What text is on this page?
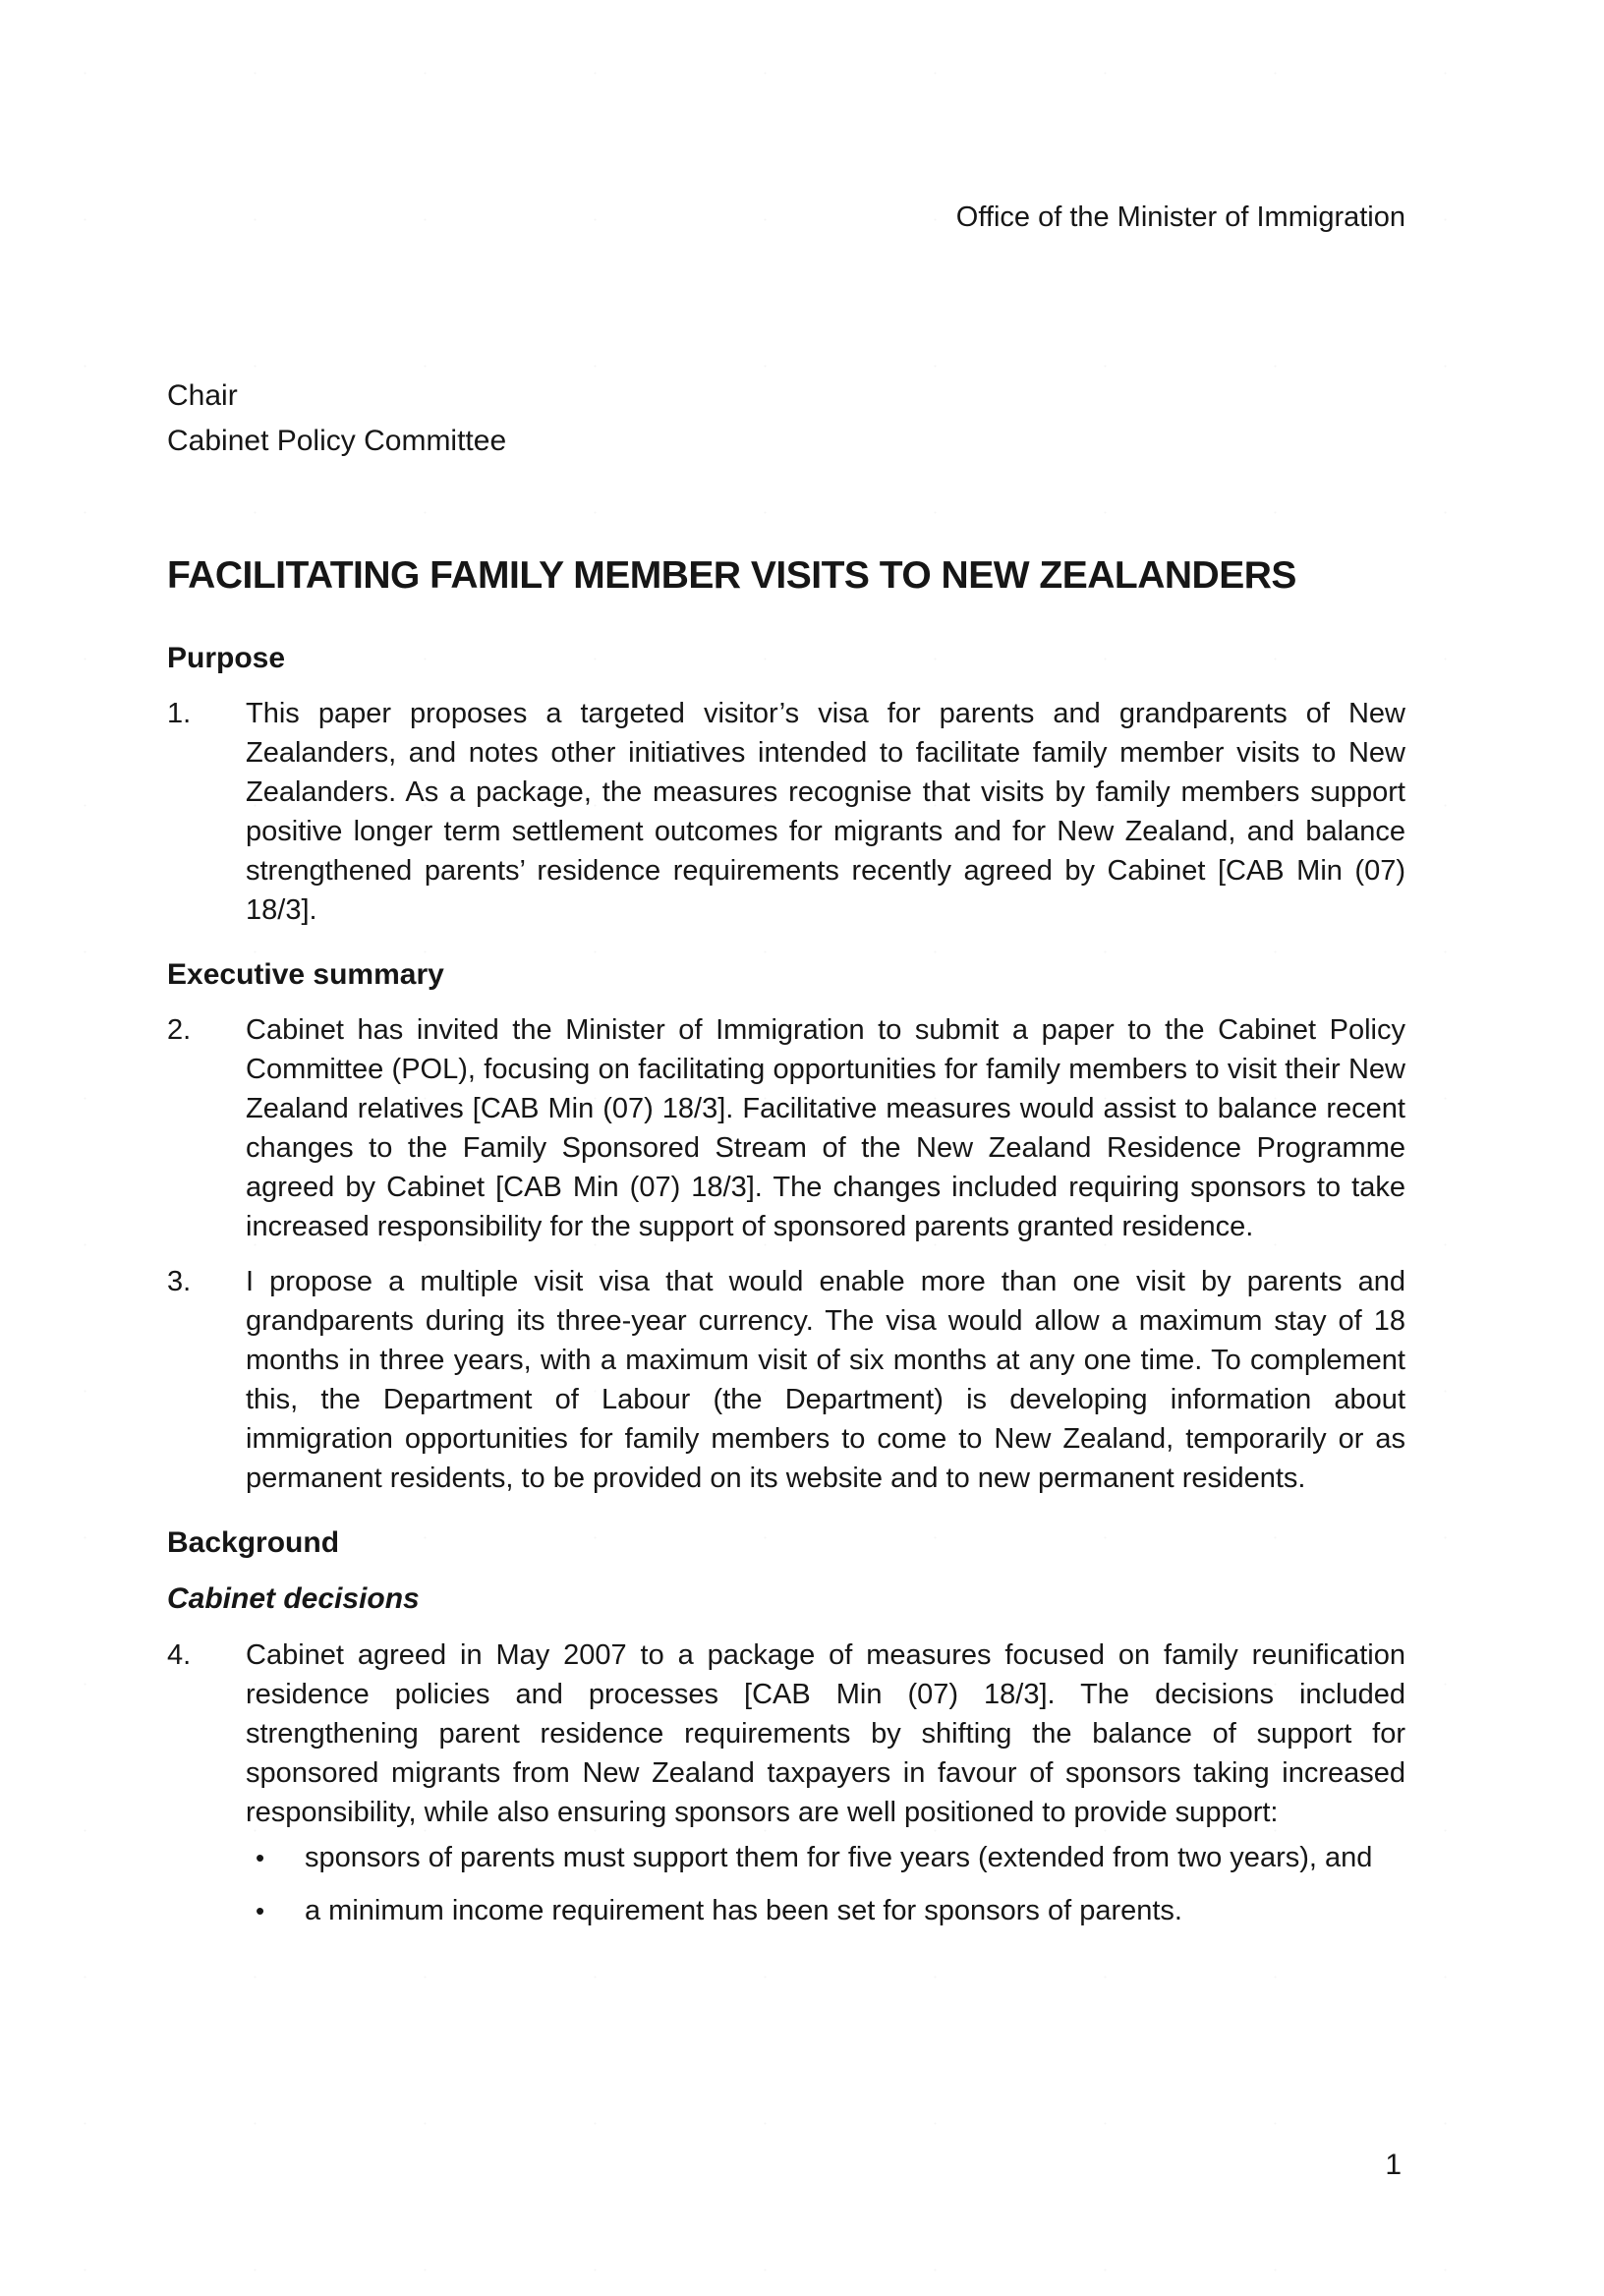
Office of the Minister of Immigration
Chair
Cabinet Policy Committee
FACILITATING FAMILY MEMBER VISITS TO NEW ZEALANDERS
Purpose
1.	This paper proposes a targeted visitor’s visa for parents and grandparents of New Zealanders, and notes other initiatives intended to facilitate family member visits to New Zealanders. As a package, the measures recognise that visits by family members support positive longer term settlement outcomes for migrants and for New Zealand, and balance strengthened parents’ residence requirements recently agreed by Cabinet [CAB Min (07) 18/3].
Executive summary
2.	Cabinet has invited the Minister of Immigration to submit a paper to the Cabinet Policy Committee (POL), focusing on facilitating opportunities for family members to visit their New Zealand relatives [CAB Min (07) 18/3]. Facilitative measures would assist to balance recent changes to the Family Sponsored Stream of the New Zealand Residence Programme agreed by Cabinet [CAB Min (07) 18/3]. The changes included requiring sponsors to take increased responsibility for the support of sponsored parents granted residence.
3.	I propose a multiple visit visa that would enable more than one visit by parents and grandparents during its three-year currency. The visa would allow a maximum stay of 18 months in three years, with a maximum visit of six months at any one time. To complement this, the Department of Labour (the Department) is developing information about immigration opportunities for family members to come to New Zealand, temporarily or as permanent residents, to be provided on its website and to new permanent residents.
Background
Cabinet decisions
4.	Cabinet agreed in May 2007 to a package of measures focused on family reunification residence policies and processes [CAB Min (07) 18/3]. The decisions included strengthening parent residence requirements by shifting the balance of support for sponsored migrants from New Zealand taxpayers in favour of sponsors taking increased responsibility, while also ensuring sponsors are well positioned to provide support:
•	sponsors of parents must support them for five years (extended from two years), and
•	a minimum income requirement has been set for sponsors of parents.
1
